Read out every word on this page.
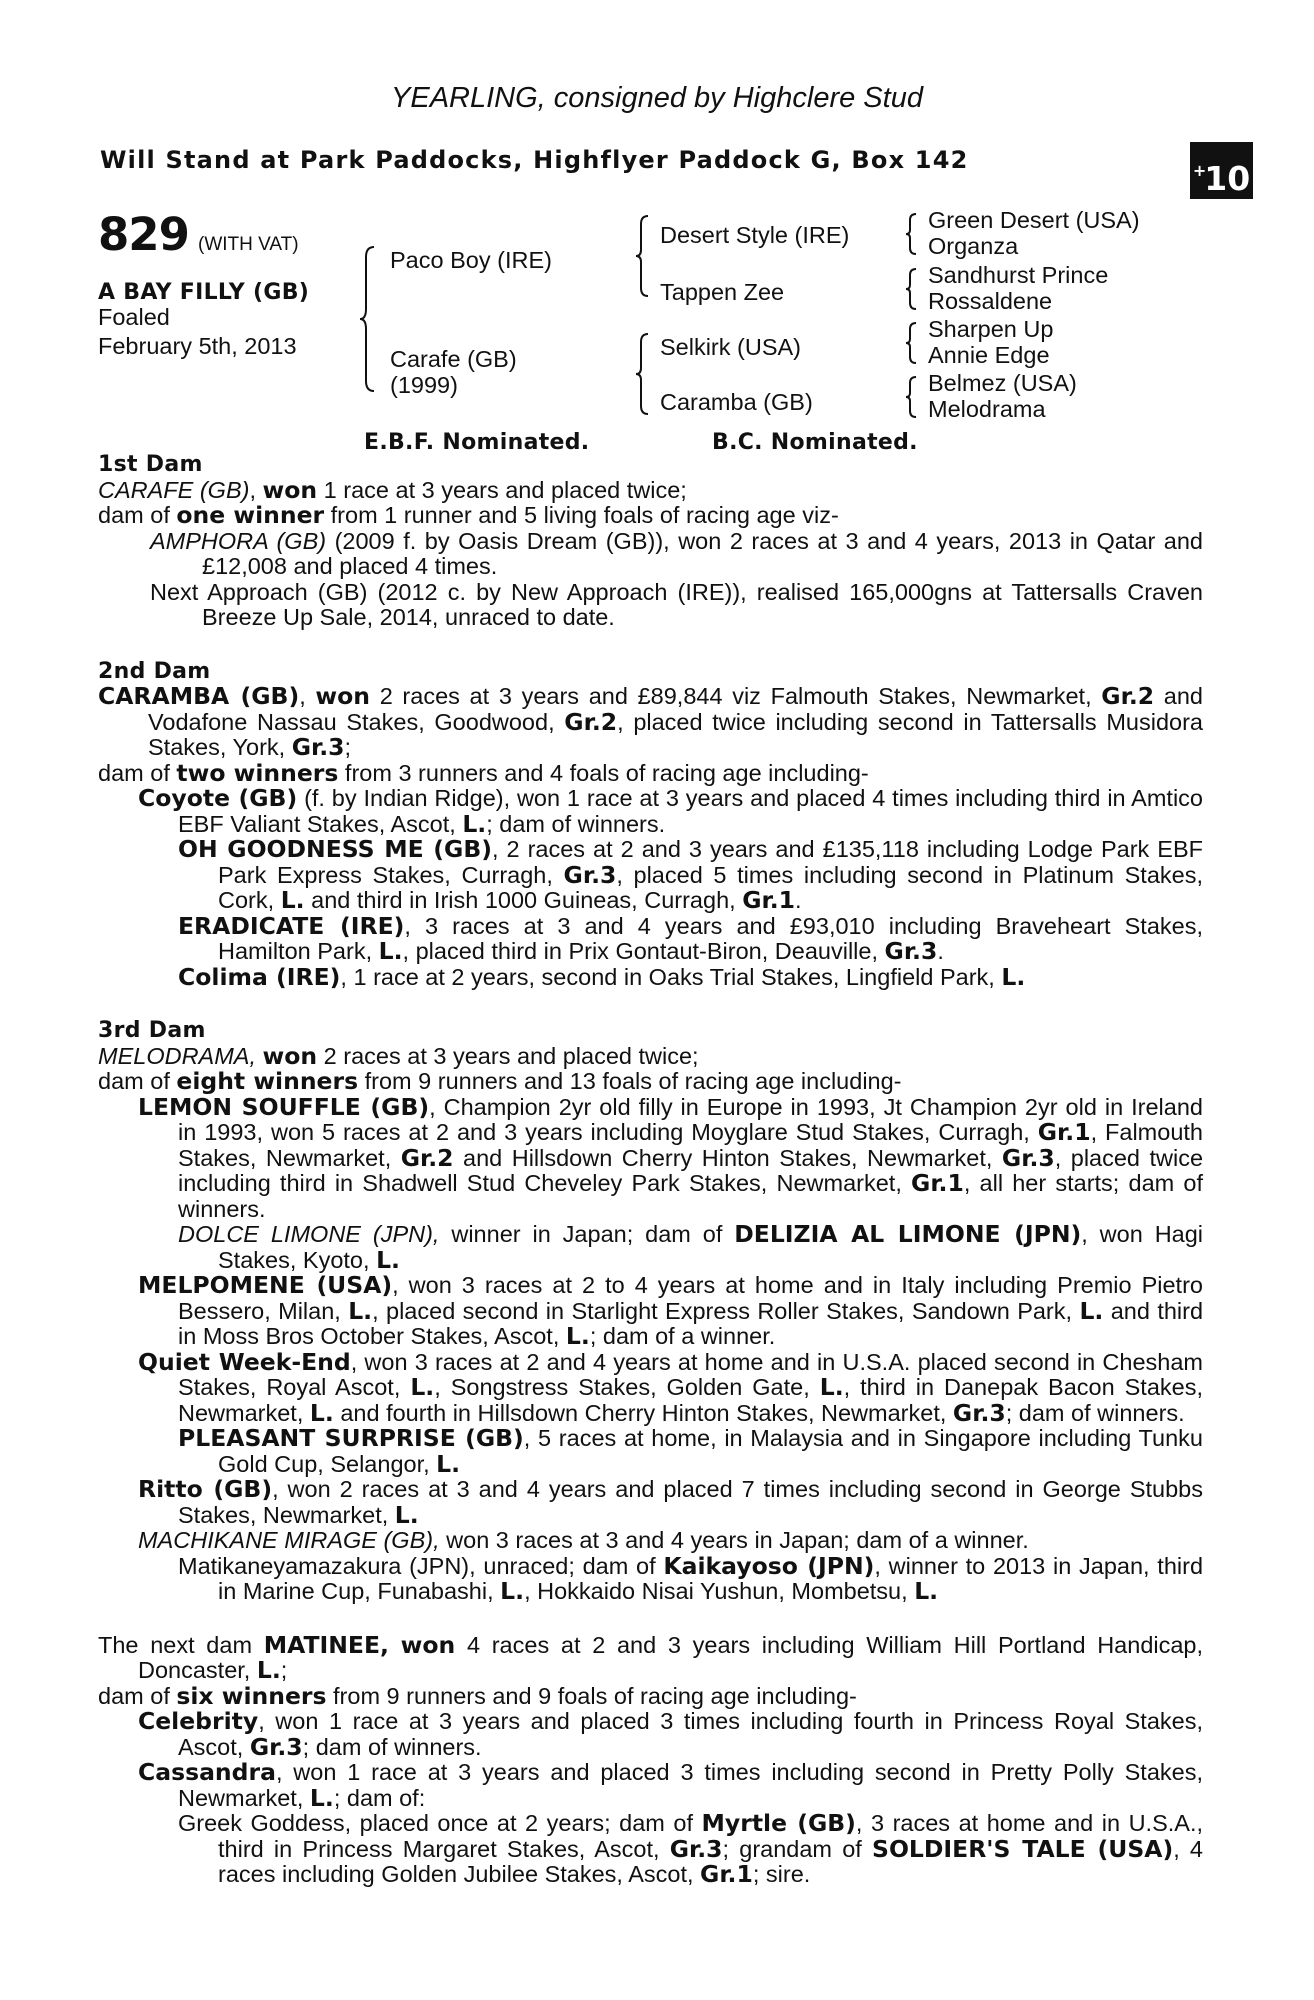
YEARLING, consigned by Highclere Stud
Will Stand at Park Paddocks, Highflyer Paddock G, Box 142	+10
829 (WITH VAT)
A BAY FILLY (GB)
Foaled
February 5th, 2013
Paco Boy (IRE)
Carafe (GB)
(1999)
Desert Style (IRE)
Tappen Zee
Selkirk (USA)
Caramba (GB)
Green Desert (USA)
Organza
Sandhurst Prince
Rossaldene
Sharpen Up
Annie Edge
Belmez (USA)
Melodrama
E.B.F. Nominated.	B.C. Nominated.
1st Dam
CARAFE (GB), won 1 race at 3 years and placed twice;
dam of one winner from 1 runner and 5 living foals of racing age viz-
AMPHORA (GB) (2009 f. by Oasis Dream (GB)), won 2 races at 3 and 4 years, 2013 in Qatar and £12,008 and placed 4 times.
Next Approach (GB) (2012 c. by New Approach (IRE)), realised 165,000gns at Tattersalls Craven Breeze Up Sale, 2014, unraced to date.
2nd Dam
CARAMBA (GB), won 2 races at 3 years and £89,844 viz Falmouth Stakes, Newmarket, Gr.2 and Vodafone Nassau Stakes, Goodwood, Gr.2, placed twice including second in Tattersalls Musidora Stakes, York, Gr.3;
dam of two winners from 3 runners and 4 foals of racing age including-
Coyote (GB) (f. by Indian Ridge), won 1 race at 3 years and placed 4 times including third in Amtico EBF Valiant Stakes, Ascot, L.; dam of winners.
OH GOODNESS ME (GB), 2 races at 2 and 3 years and £135,118 including Lodge Park EBF Park Express Stakes, Curragh, Gr.3, placed 5 times including second in Platinum Stakes, Cork, L. and third in Irish 1000 Guineas, Curragh, Gr.1.
ERADICATE (IRE), 3 races at 3 and 4 years and £93,010 including Braveheart Stakes, Hamilton Park, L., placed third in Prix Gontaut-Biron, Deauville, Gr.3.
Colima (IRE), 1 race at 2 years, second in Oaks Trial Stakes, Lingfield Park, L.
3rd Dam
MELODRAMA, won 2 races at 3 years and placed twice;
dam of eight winners from 9 runners and 13 foals of racing age including-
LEMON SOUFFLE (GB), Champion 2yr old filly in Europe in 1993, Jt Champion 2yr old in Ireland in 1993, won 5 races at 2 and 3 years including Moyglare Stud Stakes, Curragh, Gr.1, Falmouth Stakes, Newmarket, Gr.2 and Hillsdown Cherry Hinton Stakes, Newmarket, Gr.3, placed twice including third in Shadwell Stud Cheveley Park Stakes, Newmarket, Gr.1, all her starts; dam of winners.
DOLCE LIMONE (JPN), winner in Japan; dam of DELIZIA AL LIMONE (JPN), won Hagi Stakes, Kyoto, L.
MELPOMENE (USA), won 3 races at 2 to 4 years at home and in Italy including Premio Pietro Bessero, Milan, L., placed second in Starlight Express Roller Stakes, Sandown Park, L. and third in Moss Bros October Stakes, Ascot, L.; dam of a winner.
Quiet Week-End, won 3 races at 2 and 4 years at home and in U.S.A. placed second in Chesham Stakes, Royal Ascot, L., Songstress Stakes, Golden Gate, L., third in Danepak Bacon Stakes, Newmarket, L. and fourth in Hillsdown Cherry Hinton Stakes, Newmarket, Gr.3; dam of winners.
PLEASANT SURPRISE (GB), 5 races at home, in Malaysia and in Singapore including Tunku Gold Cup, Selangor, L.
Ritto (GB), won 2 races at 3 and 4 years and placed 7 times including second in George Stubbs Stakes, Newmarket, L.
MACHIKANE MIRAGE (GB), won 3 races at 3 and 4 years in Japan; dam of a winner.
Matikaneyamazakura (JPN), unraced; dam of Kaikayoso (JPN), winner to 2013 in Japan, third in Marine Cup, Funabashi, L., Hokkaido Nisai Yushun, Mombetsu, L.
The next dam MATINEE, won 4 races at 2 and 3 years including William Hill Portland Handicap, Doncaster, L.;
dam of six winners from 9 runners and 9 foals of racing age including-
Celebrity, won 1 race at 3 years and placed 3 times including fourth in Princess Royal Stakes, Ascot, Gr.3; dam of winners.
Cassandra, won 1 race at 3 years and placed 3 times including second in Pretty Polly Stakes, Newmarket, L.; dam of:
Greek Goddess, placed once at 2 years; dam of Myrtle (GB), 3 races at home and in U.S.A., third in Princess Margaret Stakes, Ascot, Gr.3; grandam of SOLDIER'S TALE (USA), 4 races including Golden Jubilee Stakes, Ascot, Gr.1; sire.
